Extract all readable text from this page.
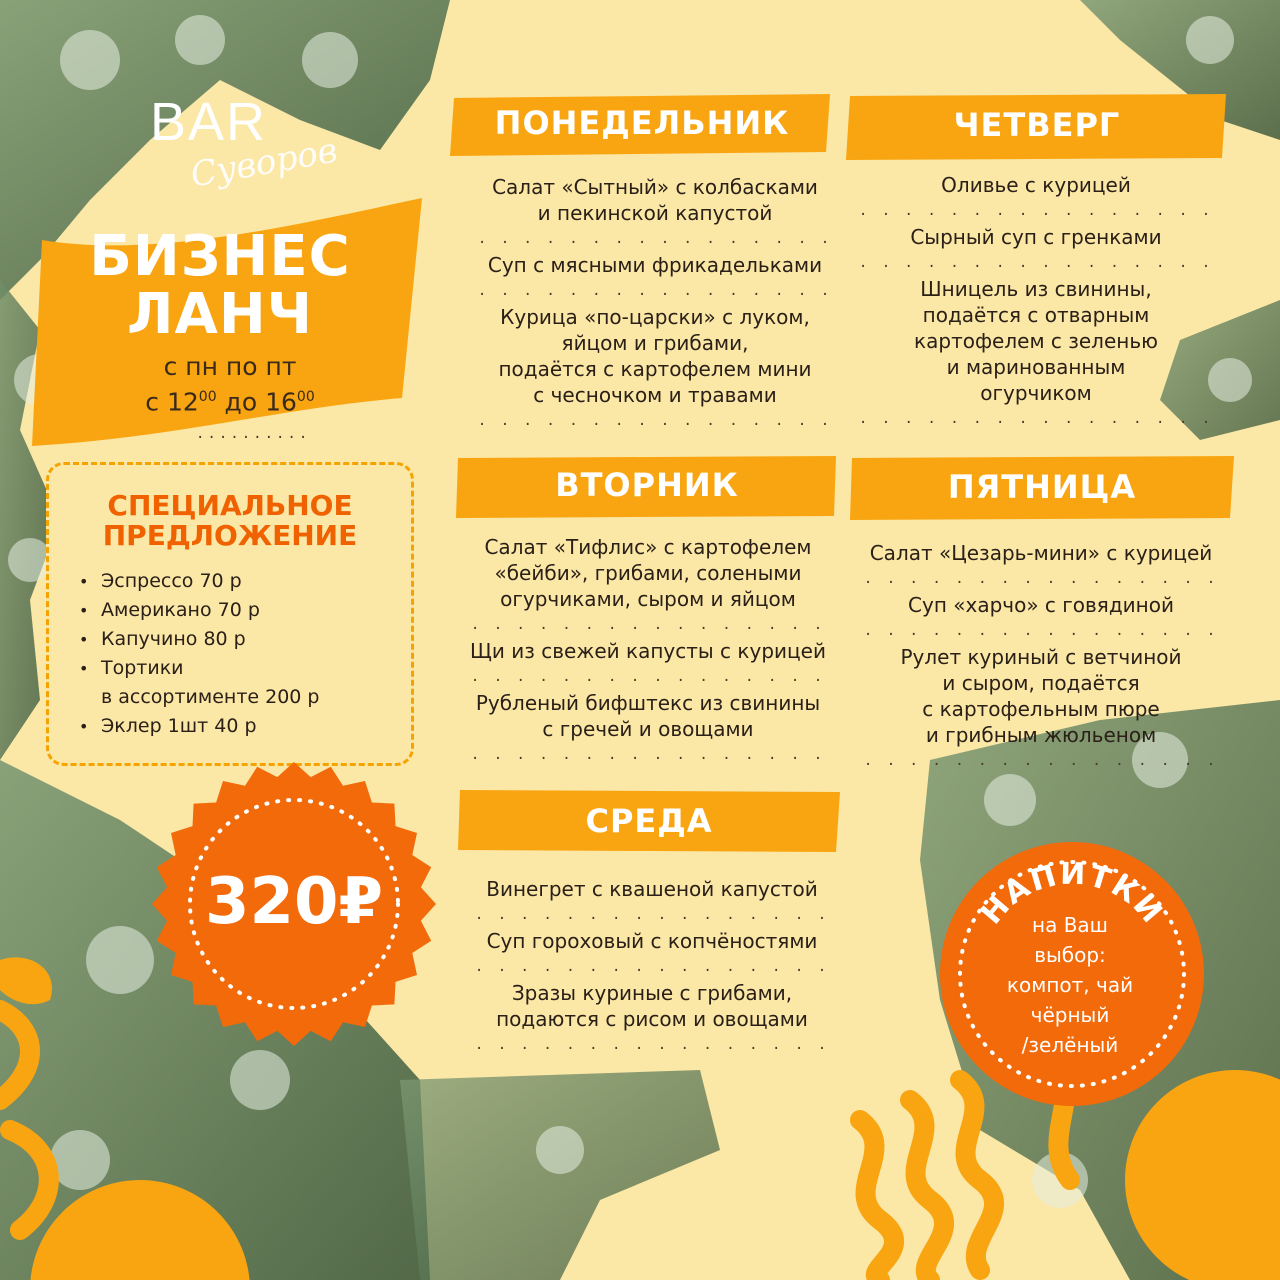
BAR
Суворов
БИЗНЕС
ЛАНЧ
с пн по пт
с $12^{00}$ до $16^{00}$
..........
СПЕЦИАЛЬНОЕ
ПРЕДЛОЖЕНИЕ
• Эспрессо 70 р
• Американо 70 р
• Капучино 80 р
• Тортики
в ассортименте 200 р
• Эклер 1шт 40 р
320₽	НАПИТКИ
на Ваш
выбор:
компот, чай
чёрный
/зелёный
ПОНЕДЕЛЬНИК	ЧЕТВЕРГ
ВТОРНИК	ПЯТНИЦА
СРЕДА
Салат «Сытный» с колбасками
и пекинской капустой
. . . . . . . . . . . . . . . .
Суп с мясными фрикадельками
. . . . . . . . . . . . . . . .
Курица «по-царски» с луком,
яйцом и грибами,
подаётся с картофелем мини
с чесночком и травами
. . . . . . . . . . . . . . . .
Оливье с курицей
. . . . . . . . . . . . . . . .
Сырный суп с гренками
. . . . . . . . . . . . . . . .
Шницель из свинины,
подаётся с отварным
картофелем с зеленью
и маринованным
огурчиком
. . . . . . . . . . . . . . . .
Салат «Тифлис» с картофелем
«бейби», грибами, солеными
огурчиками, сыром и яйцом
. . . . . . . . . . . . . . . .
Щи из свежей капусты с курицей
. . . . . . . . . . . . . . . .
Рубленый бифштекс из свинины
с гречей и овощами
. . . . . . . . . . . . . . . .
Салат «Цезарь-мини» с курицей
. . . . . . . . . . . . . . . .
Суп «харчо» с говядиной
. . . . . . . . . . . . . . . .
Рулет куриный с ветчиной
и сыром, подаётся
с картофельным пюре
и грибным жюльеном
. . . . . . . . . . . . . . . .
Винегрет с квашеной капустой
. . . . . . . . . . . . . . . .
Суп гороховый с копчёностями
. . . . . . . . . . . . . . . .
Зразы куриные с грибами,
подаются с рисом и овощами
. . . . . . . . . . . . . . . .
